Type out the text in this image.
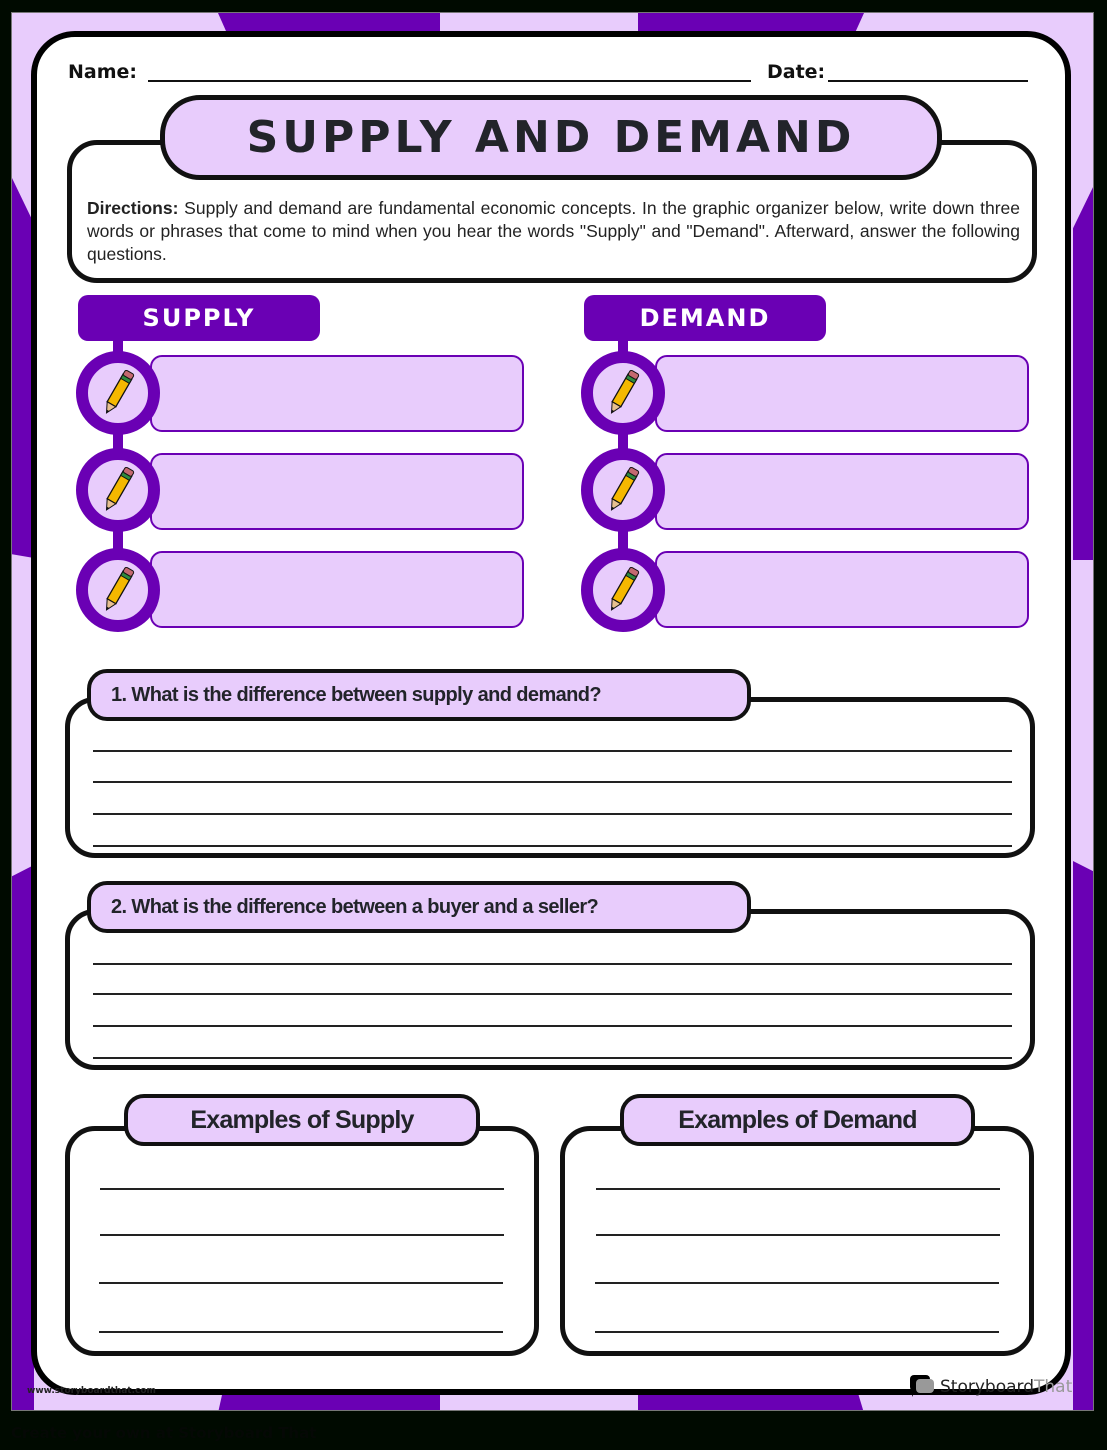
Name:	Date:
Directions: Supply and demand are fundamental economic concepts. In the graphic organizer below, write down three words or phrases that come to mind when you hear the words "Supply" and "Demand". Afterward, answer the following questions.
SUPPLY AND DEMAND
SUPPLY	DEMAND
1. What is the difference between supply and demand?
2. What is the difference between a buyer and a seller?
Examples of Supply	Examples of Demand
www.storyboardthat.com	StoryboardThat
Create your own at Storyboard That
